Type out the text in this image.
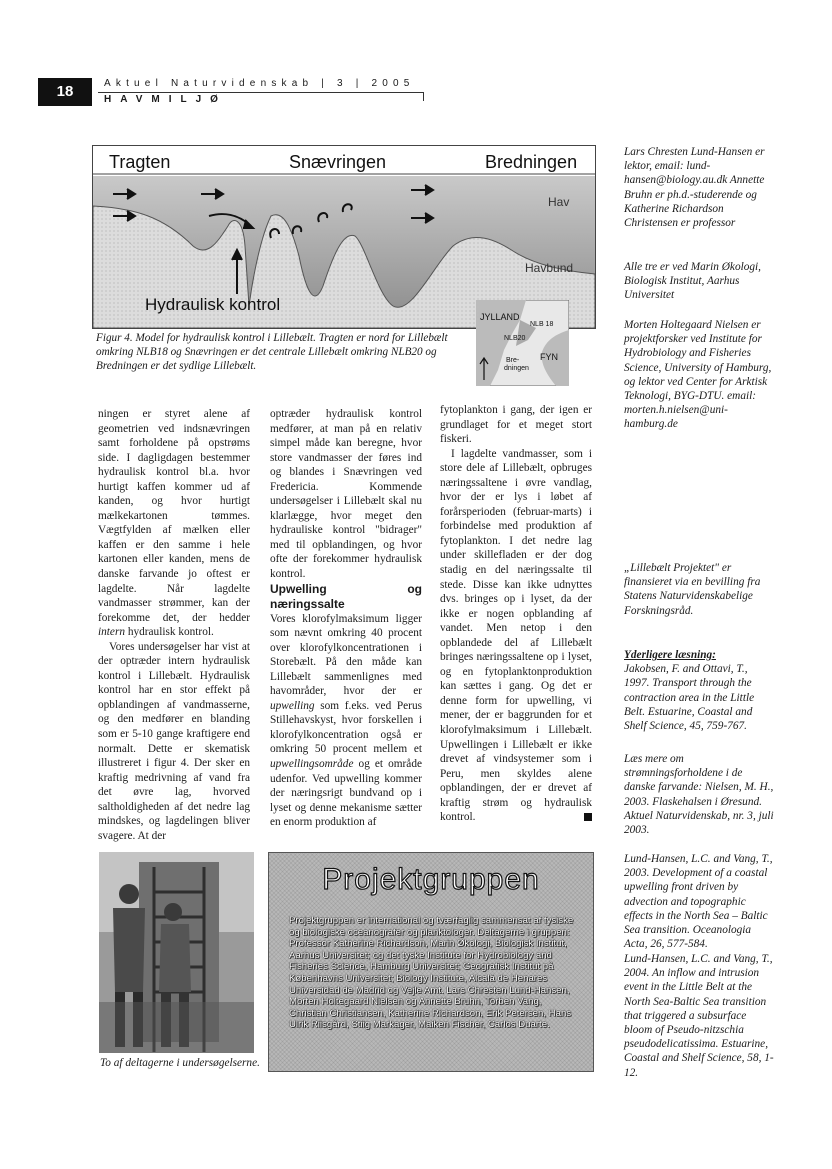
18	Aktuel Naturvidenskab | 3 | 2005
HAVMILJØ
Tragten	Snævringen	Bredningen
Hav
Havbund
Hydraulisk kontrol
JYLLAND
NLB 18
NLB20
FYN
Bre-
dningen
Figur 4. Model for hydraulisk kontrol i Lillebælt. Tragten er nord for Lillebælt omkring NLB18 og Snævringen er det centrale Lillebælt omkring NLB20 og Bredningen er det sydlige Lillebælt.

ningen er styret alene af geometrien ved indsnævringen samt forholdene på opstrøms side. I dagligdagen bestemmer hydraulisk kontrol bl.a. hvor hurtigt kaffen kommer ud af kanden, og hvor hurtigt mælkekartonen tømmes. Vægtfylden af mælken eller kaffen er den samme i hele kartonen eller kanden, mens de danske farvande jo oftest er lagdelte. Når lagdelte vandmasser strømmer, kan der forekomme det, der hedder intern hydraulisk kontrol.

Vores undersøgelser har vist at der optræder intern hydraulisk kontrol i Lillebælt. Hydraulisk kontrol har en stor effekt på opblandingen af vandmasserne, og den medfører en blanding som er 5-10 gange kraftigere end normalt. Dette er skematisk illustreret i figur 4. Der sker en kraftig medrivning af vand fra det øvre lag, hvorved saltholdigheden af det nedre lag mindskes, og lagdelingen bliver svagere. At der

optræder hydraulisk kontrol medfører, at man på en relativ simpel måde kan beregne, hvor store vandmasser der føres ind og blandes i Snævringen ved Fredericia. Kommende undersøgelser i Lillebælt skal nu klarlægge, hvor meget den hydrauliske kontrol "bidrager" med til opblandingen, og hvor ofte der forekommer hydraulisk kontrol.

Upwelling og næringssalte

Vores klorofylmaksimum ligger som nævnt omkring 40 procent over klorofylkoncentrationen i Storebælt. På den måde kan Lillebælt sammenlignes med havområder, hvor der er upwelling som f.eks. ved Perus Stillehavskyst, hvor forskellen i klorofylkoncentration også er omkring 50 procent mellem et upwellingsområde og et område udenfor. Ved upwelling kommer der næringsrigt bundvand op i lyset og denne mekanisme sætter en enorm produktion af

fytoplankton i gang, der igen er grundlaget for et meget stort fiskeri.

I lagdelte vandmasser, som i store dele af Lillebælt, opbruges næringssaltene i øvre vandlag, hvor der er lys i løbet af forårsperioden (februar-marts) i forbindelse med produktion af fytoplankton. I det nedre lag under skillefladen er der dog stadig en del næringssalte til stede. Disse kan ikke udnyttes dvs. bringes op i lyset, da der ikke er nogen opblanding af vandet. Men netop i den opblandede del af Lillebælt bringes næringssaltene op i lyset, og en fytoplanktonproduktion kan sættes i gang. Og det er denne form for upwelling, vi mener, der er baggrunden for et klorofylmaksimum i Lillebælt. Upwellingen i Lillebælt er ikke drevet af vindsystemer som i Peru, men skyldes alene opblandingen, der er drevet af kraftig strøm og hydraulisk kontrol.

Lars Chresten Lund-Hansen er lektor, email: lund-hansen@biology.au.dk Annette Bruhn er ph.d.-studerende og Katherine Richardson Christensen er professor

Alle tre er ved Marin Økologi, Biologisk Institut, Aarhus Universitet

Morten Holtegaard Nielsen er projektforsker ved Institute for Hydrobiology and Fisheries Science, University of Hamburg, og lektor ved Center for Arktisk Teknologi, BYG-DTU. email: morten.h.nielsen@uni-hamburg.de

„Lillebælt Projektet" er finansieret via en bevilling fra Statens Naturvidenskabelige Forskningsråd.

Yderligere læsning:

Jakobsen, F. and Ottavi, T., 1997. Transport through the contraction area in the Little Belt. Estuarine, Coastal and Shelf Science, 45, 759-767.

Læs mere om strømningsforholdene i de danske farvande: Nielsen, M. H., 2003. Flaskehalsen i Øresund. Aktuel Naturvidenskab, nr. 3, juli 2003.

Lund-Hansen, L.C. and Vang, T., 2003. Development of a coastal upwelling front driven by advection and topographic effects in the North Sea – Baltic Sea transition. Oceanologia Acta, 26, 577-584.

Lund-Hansen, L.C. and Vang, T., 2004. An inflow and intrusion event in the Little Belt at the North Sea-Baltic Sea transition that triggered a subsurface bloom of Pseudo-nitzschia pseudodelicatissima. Estuarine, Coastal and Shelf Science, 58, 1-12.

To af deltagerne i undersøgelserne.
Projektgruppen
Projektgruppen er international og tværfaglig sammensat af fysiske og biologiske oceanografer og planktologer. Deltagerne i gruppen: Professor Katherine Richardson, Marin Økologi, Biologisk Institut, Aarhus Universitet; og det tyske Institute for Hydrobiology and Fisheries Science, Hamburg Universitet; Geografisk Institut på Københavns Universitet; Biology Institute, Alcalá de Henares Universidad de Madrid og Vejle Amt. Lars Chresten Lund-Hansen, Morten Holtegaard Nielsen og Annette Bruhn, Torben Vang, Christian Christiansen, Katherine Richardson, Erik Petersen, Hans Ulrik Riisgård, Stiig Markager, Maiken Fischer, Carlos Duarte.
